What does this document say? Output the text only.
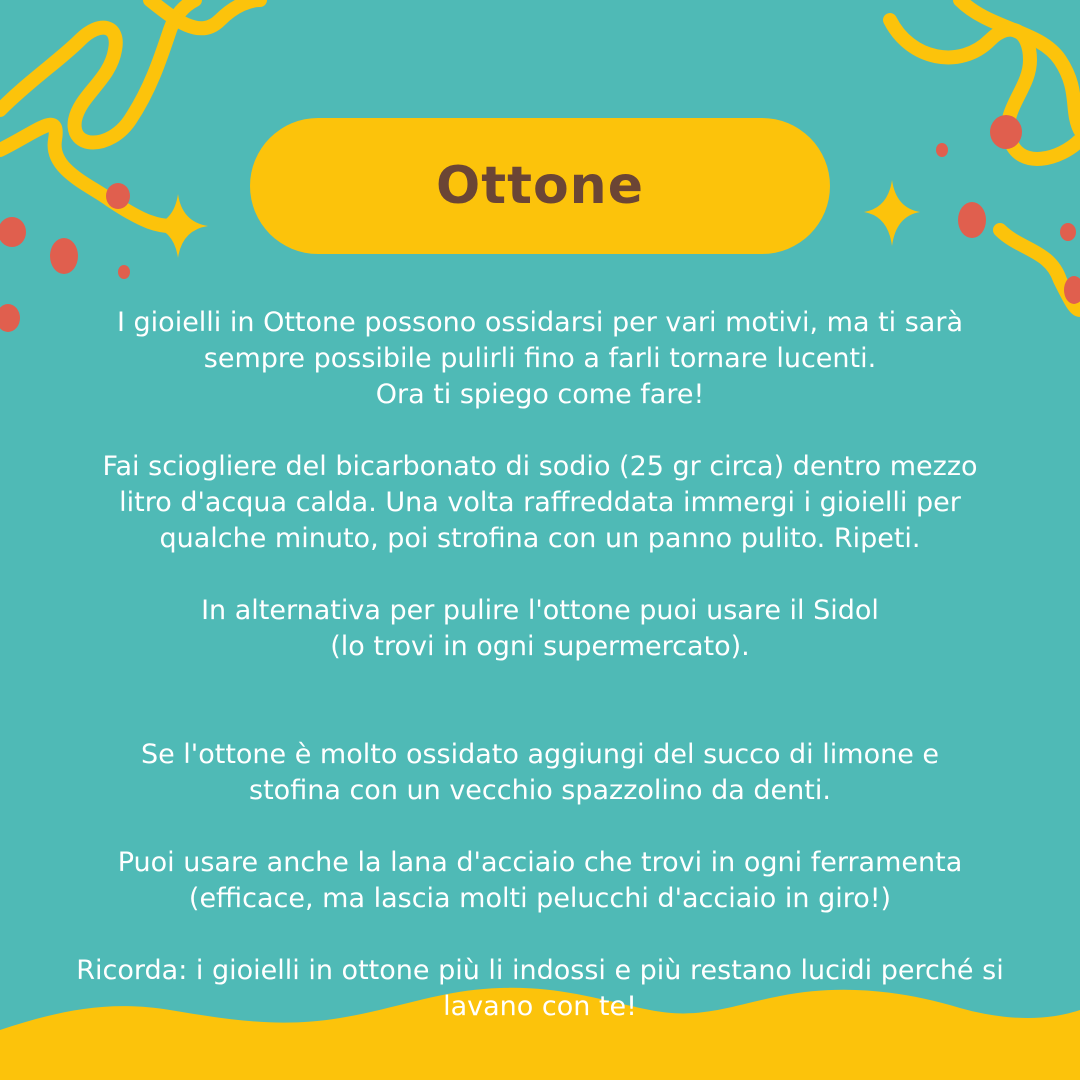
Ottone

I gioielli in Ottone possono ossidarsi per vari motivi, ma ti sarà

sempre possibile pulirli fino a farli tornare lucenti.

Ora ti spiego come fare!

Fai sciogliere del bicarbonato di sodio (25 gr circa) dentro mezzo

litro d'acqua calda. Una volta raffreddata immergi i gioielli per

qualche minuto, poi strofina con un panno pulito. Ripeti.

In alternativa per pulire l'ottone puoi usare il Sidol

(lo trovi in ogni supermercato).

Se l'ottone è molto ossidato aggiungi del succo di limone e

stofina con un vecchio spazzolino da denti.

Puoi usare anche la lana d'acciaio che trovi in ogni ferramenta

(efficace, ma lascia molti pelucchi d'acciaio in giro!)

Ricorda: i gioielli in ottone più li indossi e più restano lucidi perché si

lavano con te!
